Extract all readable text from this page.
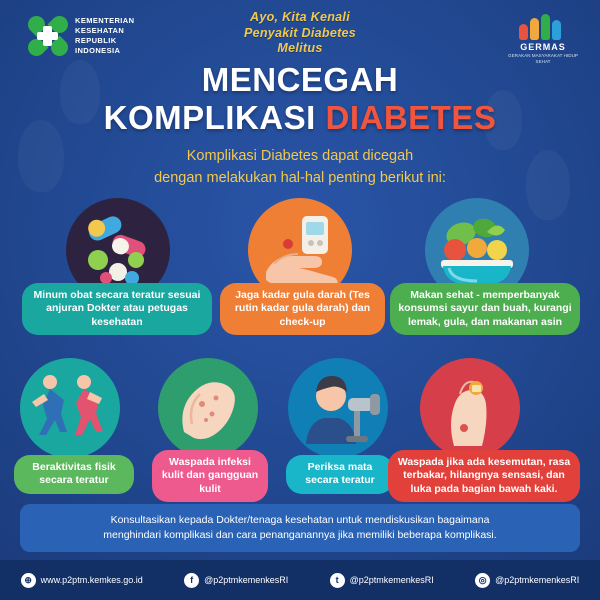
KEMENTERIAN
KESEHATAN
REPUBLIK
INDONESIA
Ayo, Kita Kenali
Penyakit Diabetes
Melitus	GERMAS
GERAKAN MASYARAKAT HIDUP SEHAT
MENCEGAH
KOMPLIKASI DIABETES
Komplikasi Diabetes dapat dicegah
dengan melakukan hal-hal penting berikut ini:
Minum obat secara teratur sesuai anjuran Dokter atau petugas kesehatan
Jaga kadar gula darah (Tes rutin kadar gula darah) dan check-up
Makan sehat - memperbanyak konsumsi sayur dan buah, kurangi lemak, gula, dan makanan asin
Beraktivitas fisik secara teratur
Waspada infeksi kulit dan gangguan kulit
Periksa mata secara teratur
Waspada jika ada kesemutan, rasa terbakar, hilangnya sensasi, dan luka pada bagian bawah kaki.
Konsultasikan kepada Dokter/tenaga kesehatan untuk mendiskusikan bagaimana
menghindari komplikasi dan cara penanganannya jika memiliki beberapa komplikasi.
⊕ www.p2ptm.kemkes.go.id	f	@p2ptmkemenkesRI	t	@p2ptmkemenkesRI	◎ @p2ptmkemenkesRI
